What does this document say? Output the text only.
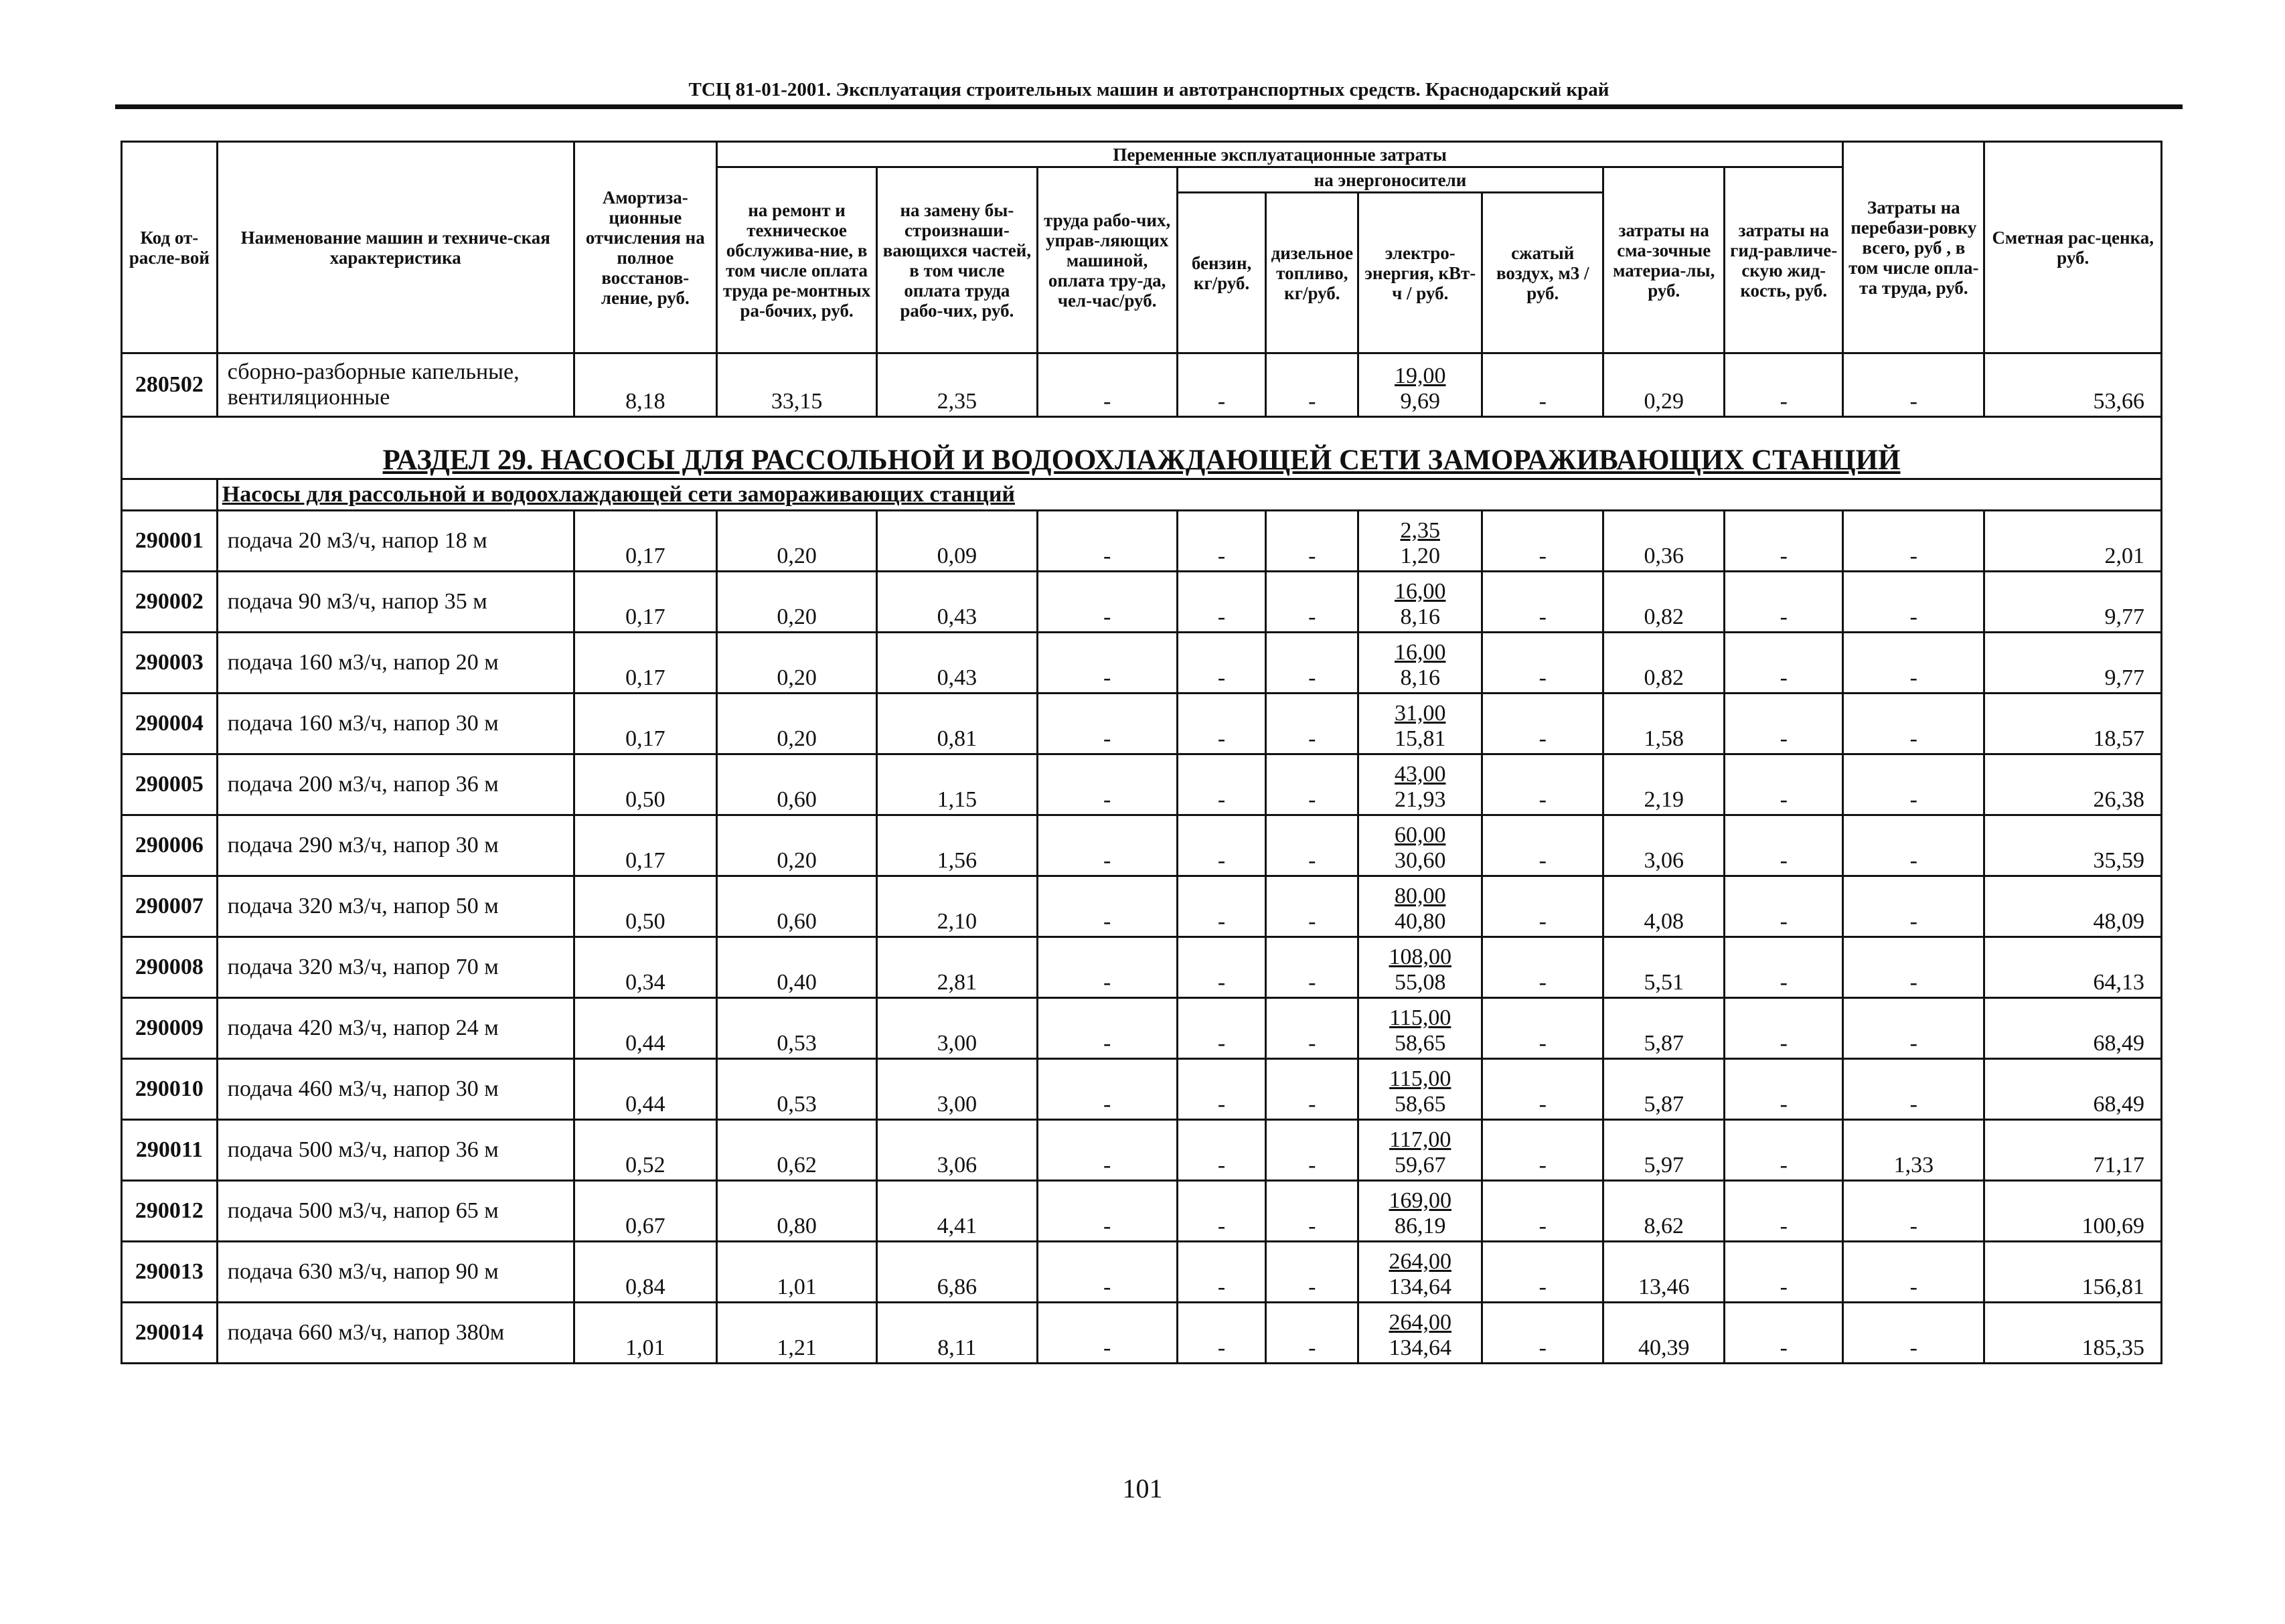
ТСЦ 81-01-2001. Эксплуатация строительных машин и автотранспортных средств. Краснодарский край
Код от-расле-вой	Наименование машин и техниче-ская характеристика	Амортиза-ционные отчисления на полное восстанов-ление, руб.	Переменные эксплуатационные затраты									Затраты на перебази-ровку всего, руб , в том числе опла-та труда, руб.	Сметная рас-ценка, руб.
			на ремонт и техническое обслужива-ние, в том числе оплата труда ре-монтных ра-бочих, руб.	на замену бы-строизнаши-вающихся частей, в том числе оплата труда рабо-чих, руб.	труда рабо-чих, управ-ляющих машиной, оплата тру-да, чел-час/руб.	на энергоносители				затраты на сма-зочные материа-лы, руб.	затраты на гид-равличе-скую жид-кость, руб.		
						бензин, кг/руб.	дизельное топливо, кг/руб.	электро-энергия, кВт-ч / руб.	сжатый воздух, м3 / руб.				
280502	сборно-разборные капельные,
вентиляционные	8,18	33,15	2,35	-	-	-	19,00
9,69	-	0,29	-	-	53,66
РАЗДЕЛ 29. НАСОСЫ ДЛЯ РАССОЛЬНОЙ И ВОДООХЛАЖДАЮЩЕЙ СЕТИ ЗАМОРАЖИВАЮЩИХ СТАНЦИЙ													
	Насосы для рассольной и водоохлаждающей сети замораживающих станций												
290001	подача 20 м3/ч, напор 18 м	0,17	0,20	0,09	-	-	-	2,35
1,20	-	0,36	-	-	2,01
290002	подача 90 м3/ч, напор 35 м	0,17	0,20	0,43	-	-	-	16,00
8,16	-	0,82	-	-	9,77
290003	подача 160 м3/ч, напор 20 м	0,17	0,20	0,43	-	-	-	16,00
8,16	-	0,82	-	-	9,77
290004	подача 160 м3/ч, напор 30 м	0,17	0,20	0,81	-	-	-	31,00
15,81	-	1,58	-	-	18,57
290005	подача 200 м3/ч, напор 36 м	0,50	0,60	1,15	-	-	-	43,00
21,93	-	2,19	-	-	26,38
290006	подача 290 м3/ч, напор 30 м	0,17	0,20	1,56	-	-	-	60,00
30,60	-	3,06	-	-	35,59
290007	подача 320 м3/ч, напор 50 м	0,50	0,60	2,10	-	-	-	80,00
40,80	-	4,08	-	-	48,09
290008	подача 320 м3/ч, напор 70 м	0,34	0,40	2,81	-	-	-	108,00
55,08	-	5,51	-	-	64,13
290009	подача 420 м3/ч, напор 24 м	0,44	0,53	3,00	-	-	-	115,00
58,65	-	5,87	-	-	68,49
290010	подача 460 м3/ч, напор 30 м	0,44	0,53	3,00	-	-	-	115,00
58,65	-	5,87	-	-	68,49
290011	подача 500 м3/ч, напор 36 м	0,52	0,62	3,06	-	-	-	117,00
59,67	-	5,97	-	1,33	71,17
290012	подача 500 м3/ч, напор 65 м	0,67	0,80	4,41	-	-	-	169,00
86,19	-	8,62	-	-	100,69
290013	подача 630 м3/ч, напор 90 м	0,84	1,01	6,86	-	-	-	264,00
134,64	-	13,46	-	-	156,81
290014	подача 660 м3/ч, напор 380м	1,01	1,21	8,11	-	-	-	264,00
134,64	-	40,39	-	-	185,35
101
